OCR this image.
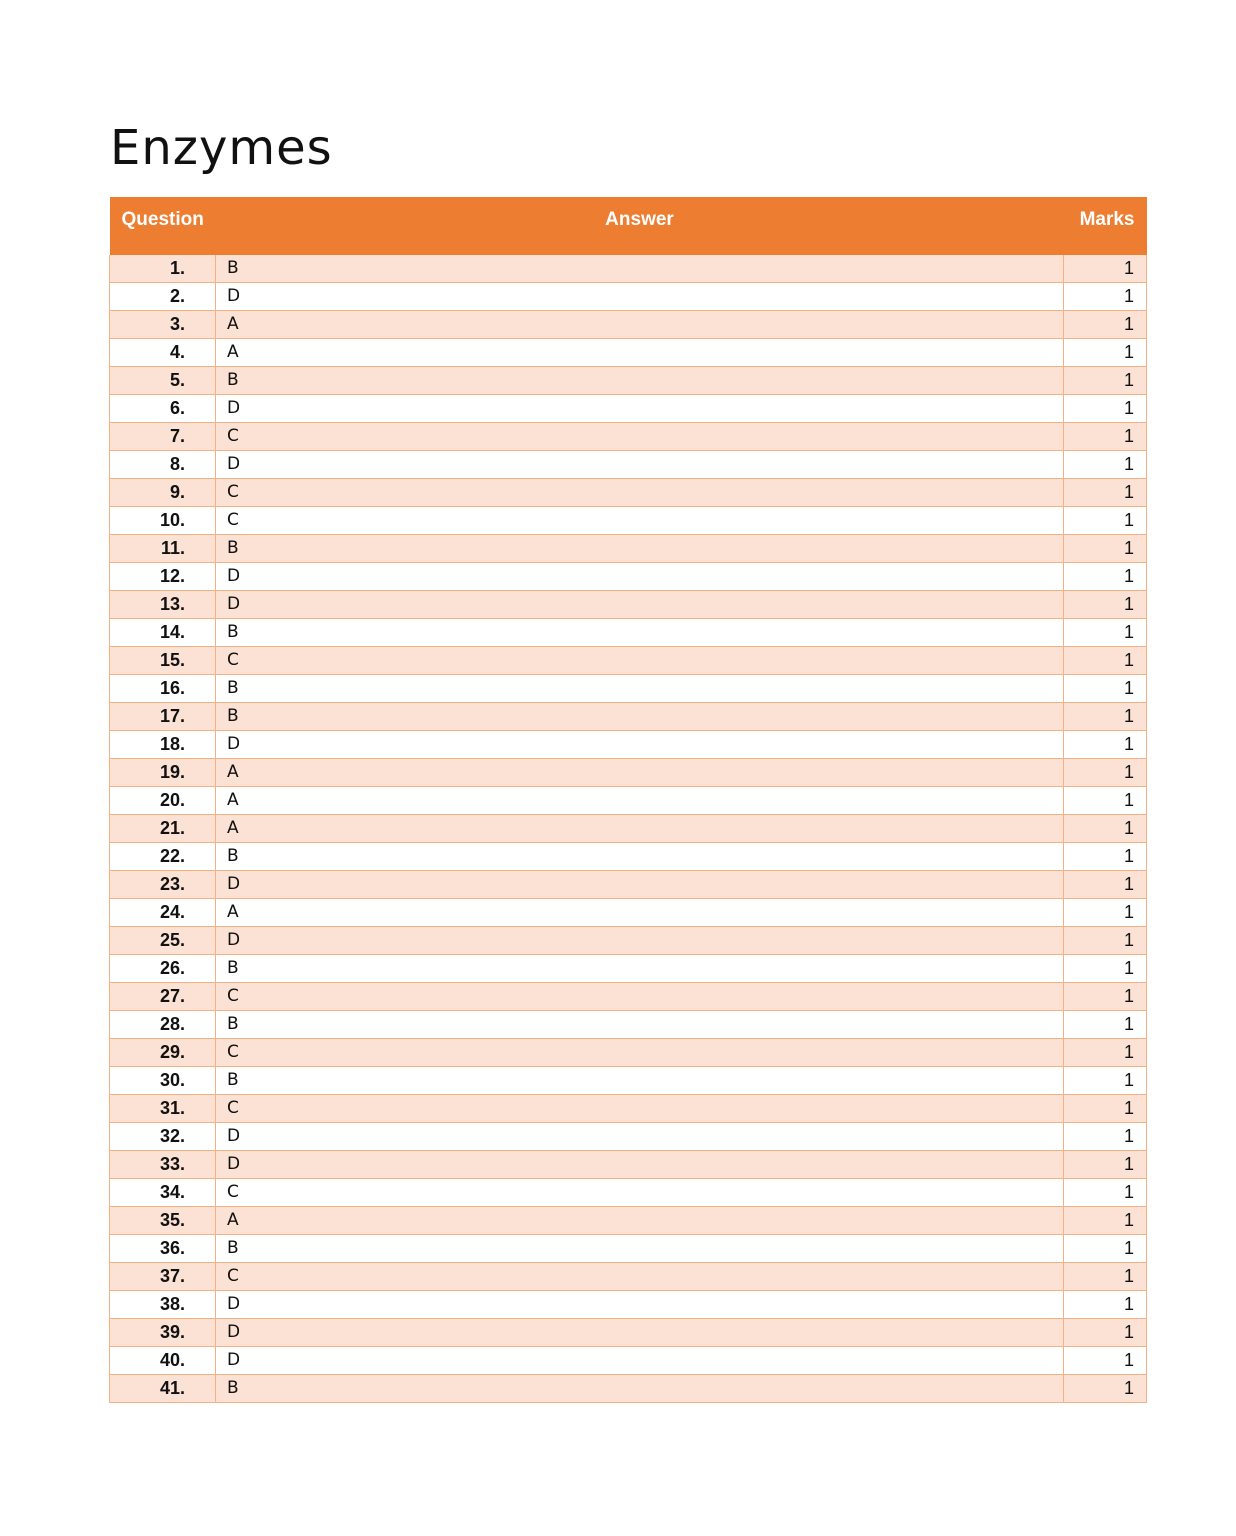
Enzymes
Question	Answer	Marks
1.	B	1
2.	D	1
3.	A	1
4.	A	1
5.	B	1
6.	D	1
7.	C	1
8.	D	1
9.	C	1
10.	C	1
11.	B	1
12.	D	1
13.	D	1
14.	B	1
15.	C	1
16.	B	1
17.	B	1
18.	D	1
19.	A	1
20.	A	1
21.	A	1
22.	B	1
23.	D	1
24.	A	1
25.	D	1
26.	B	1
27.	C	1
28.	B	1
29.	C	1
30.	B	1
31.	C	1
32.	D	1
33.	D	1
34.	C	1
35.	A	1
36.	B	1
37.	C	1
38.	D	1
39.	D	1
40.	D	1
41.	B	1
